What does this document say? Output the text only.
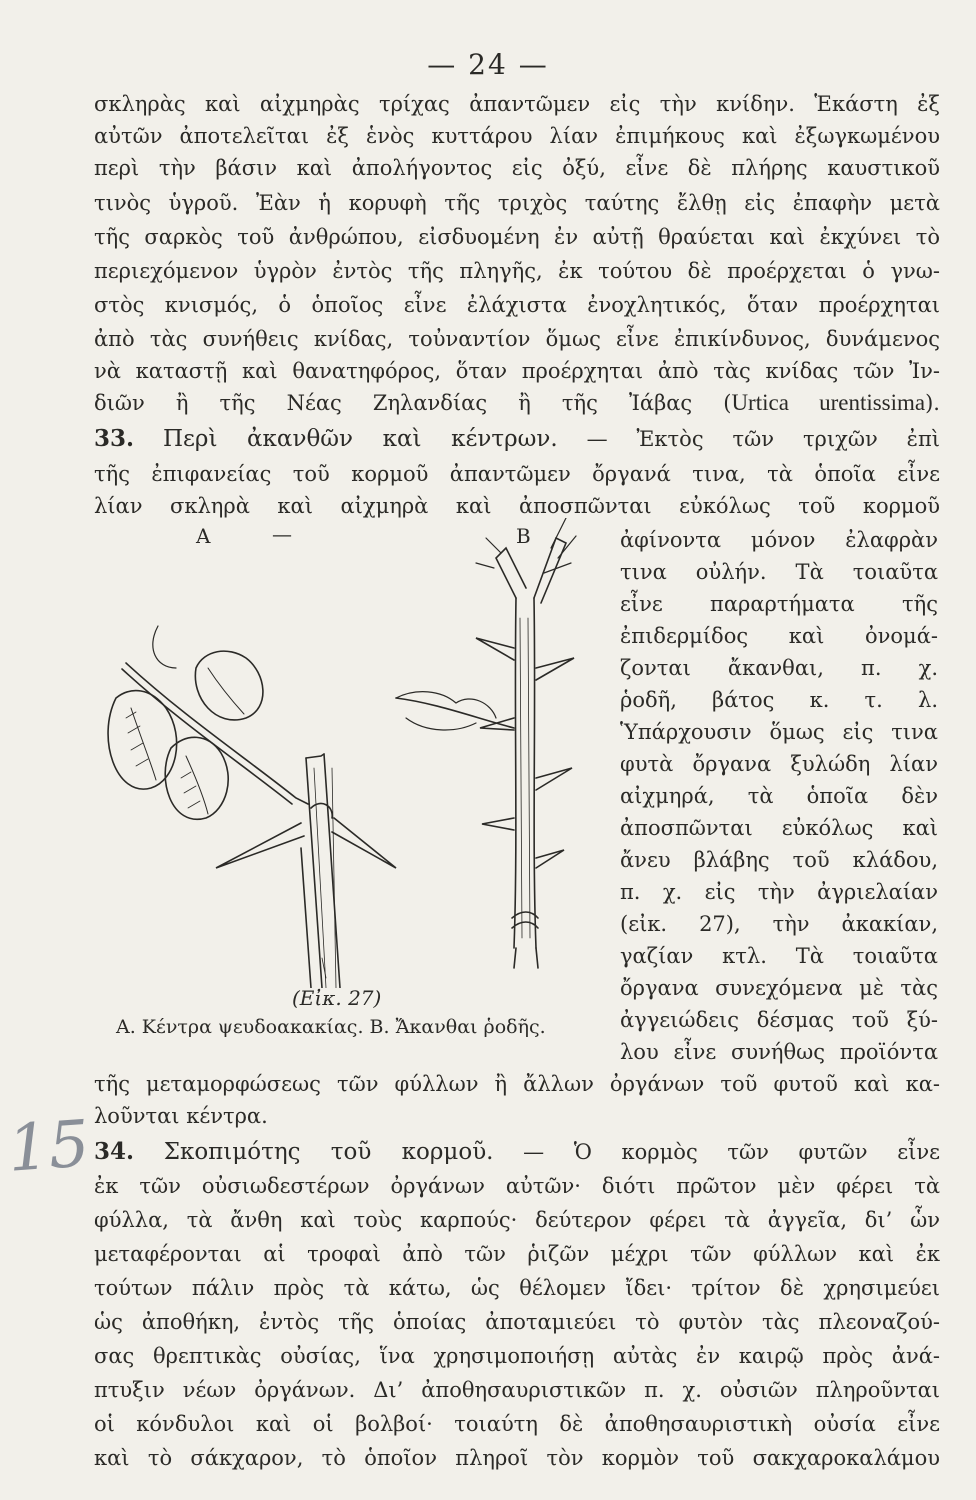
— 24 —
σκληρὰς καὶ αἰχμηρὰς τρίχας ἀπαντῶμεν εἰς τὴν κνίδην. Ἑκάστη ἐξ
αὐτῶν ἀποτελεῖται ἐξ ἑνὸς κυττάρου λίαν ἐπιμήκους καὶ ἐξωγκωμένου
περὶ τὴν βάσιν καὶ ἀπολήγοντος εἰς ὀξύ, εἶνε δὲ πλήρης καυστικοῦ
τινὸς ὑγροῦ. Ἐὰν ἡ κορυφὴ τῆς τριχὸς ταύτης ἔλθῃ εἰς ἐπαφὴν μετὰ
τῆς σαρκὸς τοῦ ἀνθρώπου, εἰσδυομένη ἐν αὐτῇ θραύεται καὶ ἐκχύνει τὸ
περιεχόμενον ὑγρὸν ἐντὸς τῆς πληγῆς, ἐκ τούτου δὲ προέρχεται ὁ γνω-
στὸς κνισμός, ὁ ὁποῖος εἶνε ἐλάχιστα ἐνοχλητικός, ὅταν προέρχηται
ἀπὸ τὰς συνήθεις κνίδας, τοὐναντίον ὅμως εἶνε ἐπικίνδυνος, δυνάμενος
νὰ καταστῇ καὶ θανατηφόρος, ὅταν προέρχηται ἀπὸ τὰς κνίδας τῶν Ἰν-
διῶν ἢ τῆς Νέας Ζηλανδίας ἢ τῆς Ἰάβας (Urtica urentissima).
33. Περὶ ἀκανθῶν καὶ κέντρων. — Ἐκτὸς τῶν τριχῶν ἐπὶ
τῆς ἐπιφανείας τοῦ κορμοῦ ἀπαντῶμεν ὄργανά τινα, τὰ ὁποῖα εἶνε
λίαν σκληρὰ καὶ αἰχμηρὰ καὶ ἀποσπῶνται εὐκόλως τοῦ κορμοῦ
ἀφίνοντα μόνον ἐλαφρὰν
τινα οὐλήν. Τὰ τοιαῦτα
εἶνε παραρτήματα τῆς
ἐπιδερμίδος καὶ ὀνομά-
ζονται ἄκανθαι, π. χ.
ῥοδῆ, βάτος κ. τ. λ.
Ὑπάρχουσιν ὅμως εἰς τινα
φυτὰ ὄργανα ξυλώδη λίαν
αἰχμηρά, τὰ ὁποῖα δὲν
ἀποσπῶνται εὐκόλως καὶ
ἄνευ βλάβης τοῦ κλάδου,
π. χ. εἰς τὴν ἀγριελαίαν
(εἰκ. 27), τὴν ἀκακίαν,
γαζίαν κτλ. Τὰ τοιαῦτα
ὄργανα συνεχόμενα μὲ τὰς
ἀγγειώδεις δέσμας τοῦ ξύ-
λου εἶνε συνήθως προϊόντα
τῆς μεταμορφώσεως τῶν φύλλων ἢ ἄλλων ὀργάνων τοῦ φυτοῦ καὶ κα-
λοῦνται κέντρα.
A	—	B
(Εἰκ. 27)
A. Κέντρα ψευδοακακίας. B. Ἄκανθαι ῥοδῆς.
34. Σκοπιμότης τοῦ κορμοῦ. — Ὁ κορμὸς τῶν φυτῶν εἶνε
ἐκ τῶν οὐσιωδεστέρων ὀργάνων αὐτῶν· διότι πρῶτον μὲν φέρει τὰ
φύλλα, τὰ ἄνθη καὶ τοὺς καρπούς· δεύτερον φέρει τὰ ἀγγεῖα, δι’ ὧν
μεταφέρονται αἱ τροφαὶ ἀπὸ τῶν ῥιζῶν μέχρι τῶν φύλλων καὶ ἐκ
τούτων πάλιν πρὸς τὰ κάτω, ὡς θέλομεν ἴδει· τρίτον δὲ χρησιμεύει
ὡς ἀποθήκη, ἐντὸς τῆς ὁποίας ἀποταμιεύει τὸ φυτὸν τὰς πλεοναζού-
σας θρεπτικὰς οὐσίας, ἵνα χρησιμοποιήσῃ αὐτὰς ἐν καιρῷ πρὸς ἀνά-
πτυξιν νέων ὀργάνων. Δι’ ἀποθησαυριστικῶν π. χ. οὐσιῶν πληροῦνται
οἱ κόνδυλοι καὶ οἱ βολβοί· τοιαύτη δὲ ἀποθησαυριστικὴ οὐσία εἶνε
καὶ τὸ σάκχαρον, τὸ ὁποῖον πληροῖ τὸν κορμὸν τοῦ σακχαροκαλάμου
15
